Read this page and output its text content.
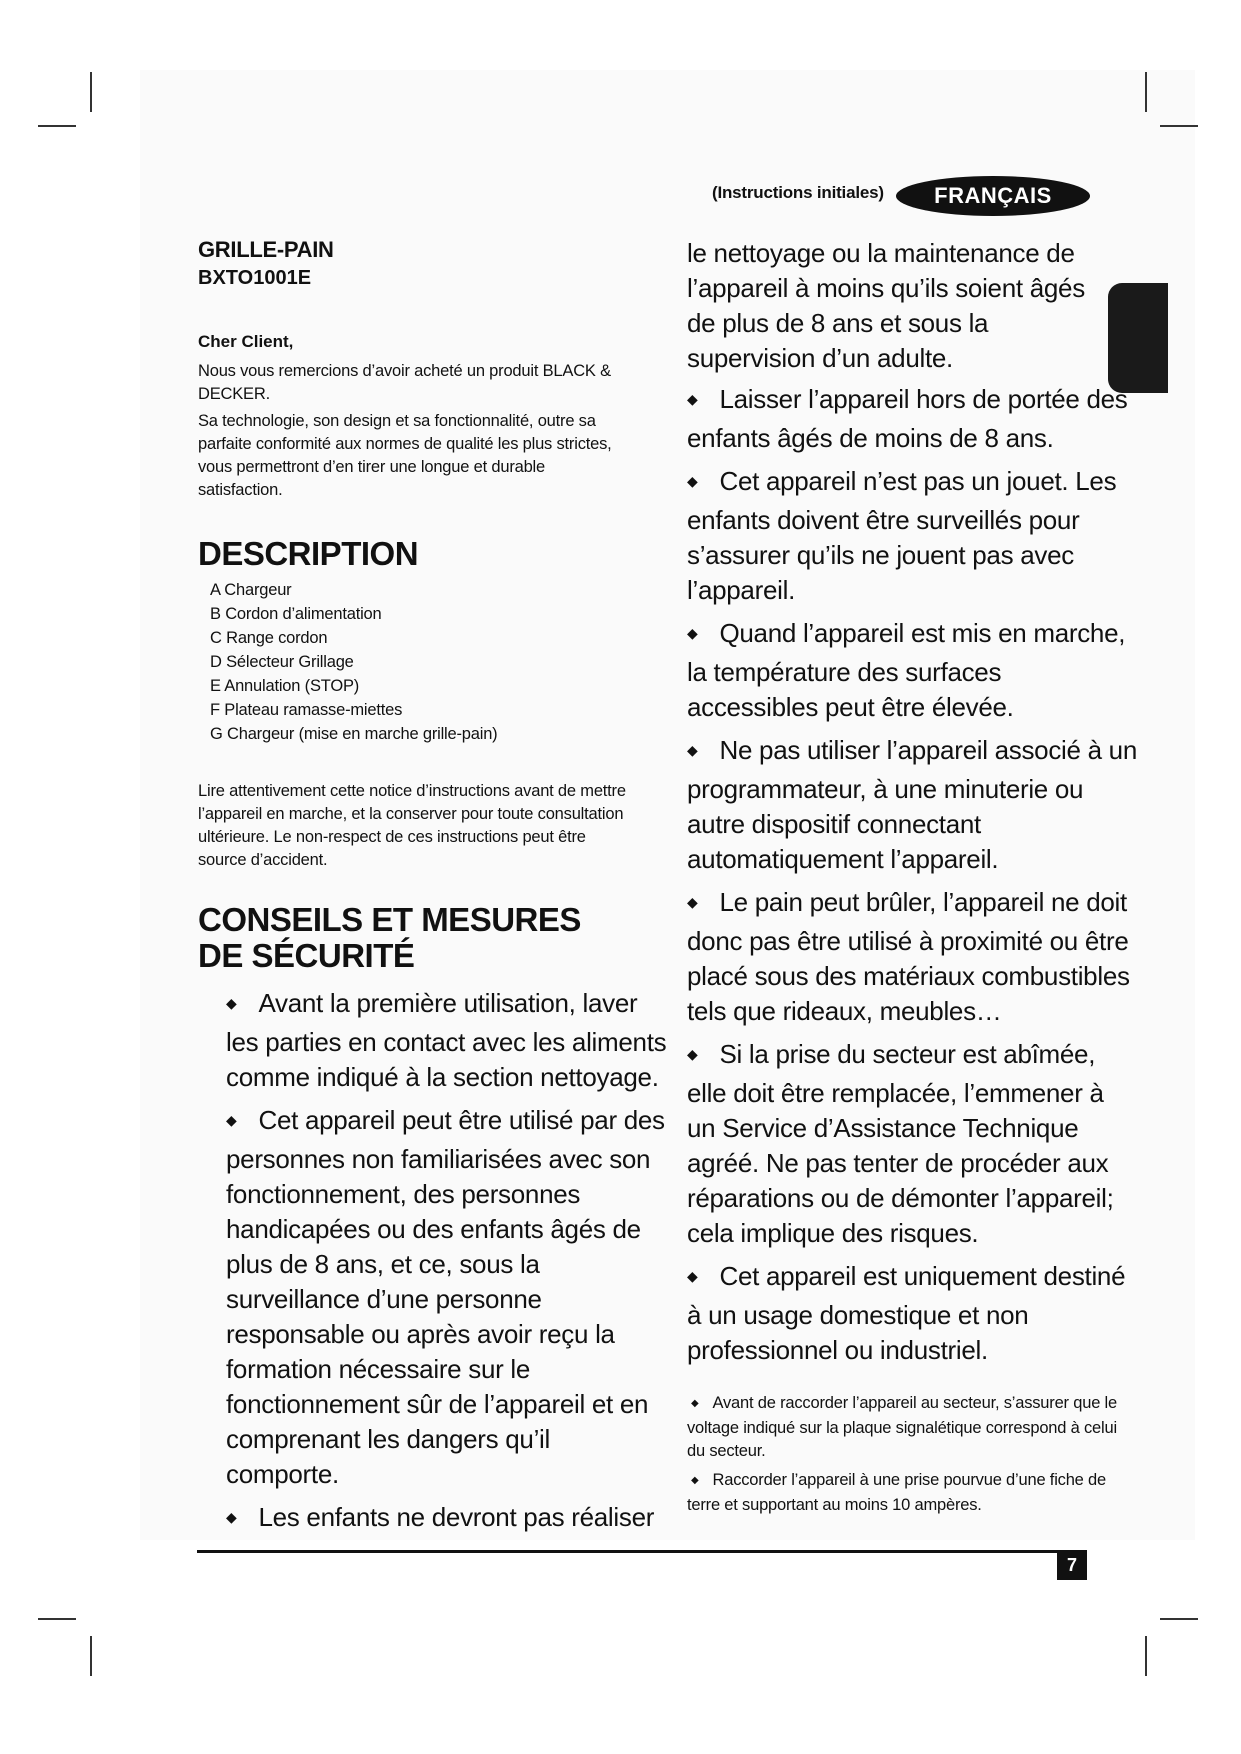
(Instructions initiales)	FRANÇAIS

GRILLE-PAIN

BXTO1001E

Cher Client,

Nous vous remercions d’avoir acheté un produit BLACK & DECKER.

Sa technologie, son design et sa fonctionnalité, outre sa parfaite conformité aux normes de qualité les plus strictes, vous permettront d’en tirer une longue et durable satisfaction.

DESCRIPTION
A Chargeur
B Cordon d’alimentation
C Range cordon
D Sélecteur Grillage
E Annulation (STOP)
F Plateau ramasse-miettes
G Chargeur (mise en marche grille-pain)

Lire attentivement cette notice d’instructions avant de mettre l’appareil en marche, et la conserver pour toute consultation ultérieure. Le non-respect de ces instructions peut être source d’accident.

CONSEILS ET MESURES DE SÉCURITÉ
◆ Avant la première utilisation, laver les parties en contact avec les aliments comme indiqué à la section nettoyage.
◆ Cet appareil peut être utilisé par des personnes non familiarisées avec son fonctionnement, des personnes handicapées ou des enfants âgés de plus de 8 ans, et ce, sous la surveillance d’une personne responsable ou après avoir reçu la formation nécessaire sur le fonctionnement sûr de l’appareil et en comprenant les dangers qu’il comporte.
◆ Les enfants ne devront pas réaliser

le nettoyage ou la maintenance de l’appareil à moins qu’ils soient âgés de plus de 8 ans et sous la supervision d’un adulte.

◆ Laisser l’appareil hors de portée des enfants âgés de moins de 8 ans.
◆ Cet appareil n’est pas un jouet. Les enfants doivent être surveillés pour s’assurer qu’ils ne jouent pas avec l’appareil.
◆ Quand l’appareil est mis en marche, la température des surfaces accessibles peut être élevée.
◆ Ne pas utiliser l’appareil associé à un programmateur, à une minuterie ou autre dispositif connectant automatiquement l’appareil.
◆ Le pain peut brûler, l’appareil ne doit donc pas être utilisé à proximité ou être placé sous des matériaux combustibles tels que rideaux, meubles…
◆ Si la prise du secteur est abîmée, elle doit être remplacée, l’emmener à un Service d’Assistance Technique agréé. Ne pas tenter de procéder aux réparations ou de démonter l’appareil; cela implique des risques.
◆ Cet appareil est uniquement destiné à un usage domestique et non professionnel ou industriel.
◆ Avant de raccorder l’appareil au secteur, s’assurer que le voltage indiqué sur la plaque signalétique correspond à celui du secteur.
◆ Raccorder l’appareil à une prise pourvue d’une fiche de terre et supportant au moins 10 ampères.
7
